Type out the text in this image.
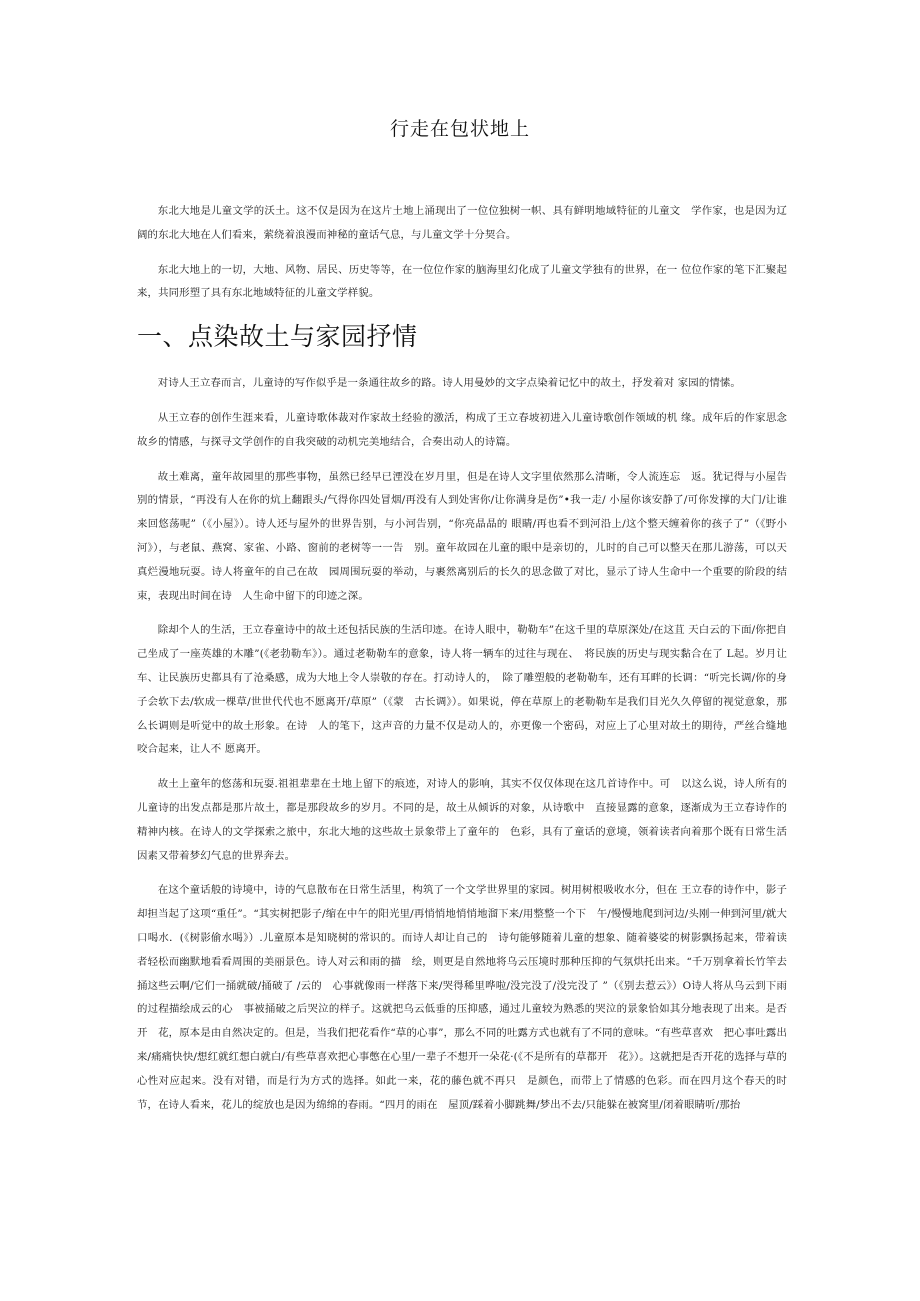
行走在包状地上

东北大地是儿童文学的沃土。这不仅是因为在这片土地上涌现出了一位位独树一帜、具有鲜明地域特征的儿童文　学作家，也是因为辽阔的东北大地在人们看来，萦绕着浪漫而神秘的童话气息，与儿童文学十分契合。

东北大地上的一切，大地、风物、居民、历史等等，在一位位作家的脑海里幻化成了儿童文学独有的世界，在一 位位作家的笔下汇聚起来，共同形塑了具有东北地域特征的儿童文学样貌。

一、点染故土与家园抒情

对诗人王立春而言，儿童诗的写作似乎是一条通往故乡的路。诗人用曼妙的文字点染着记忆中的故土，抒发着对 家园的情愫。

从王立春的创作生涯来看，儿童诗歌体裁对作家故土经验的激活，构成了王立春坡初进入儿童诗歌创作领域的机 缘。成年后的作家思念故乡的情感，与探寻文学创作的自我突破的动机完美地结合，合奏出动人的诗篇。

故土难离，童年故园里的那些事物，虽然已经早已湮没在岁月里，但是在诗人文字里依然那么清晰，令人流连忘　返。犹记得与小屋告别的情景，“再没有人在你的炕上翻跟头/气得你四处冒烟/再没有人到处害你/让你满身是伤”•我一走/ 小屋你该安静了/可你发撑的大门/让谁来回悠荡呢”（《小屋》）。诗人还与屋外的世界告别，与小河告别，“你亮晶晶的 眼睛/再也看不到河沿上/这个整天缠着你的孩子了”（《野小河》），与老鼠、燕窝、家雀、小路、窗前的老树等一一告　别。童年故园在儿童的眼中是亲切的，儿时的自己可以整天在那儿游荡，可以天真烂漫地玩耍。诗人将童年的自己在故　园周围玩耍的举动，与裹然离别后的长久的思念做了对比，显示了诗人生命中一个重要的阶段的结束，表现出时间在诗　人生命中留下的印迹之深。

除却个人的生活，王立春童诗中的故土还包括民族的生活印迹。在诗人眼中，勒勒车”在这千里的草原深处/在这苴 天白云的下面/你把自己坐成了一座英雄的木雕”(《老勃勒车》）。通过老勒勒车的意象，诗人将一辆车的过往与现在、　将民族的历史与现实黏合在了 L起。岁月让车、让民族历史都具有了沧桑感，成为大地上令人崇敬的存在。打动诗人的，　除了雕塑般的老勒勒车，还有耳畔的长调：“听完长调/你的身子会软下去/软成一棵草/世世代代也不愿离开/草原”（《蒙　古长调》）。如果说，停在草原上的老勒勒车是我们目光久久停留的视觉意象，那么长调则是听觉中的故土形象。在诗　人的笔下，这声音的力量不仅是动人的，亦更像一个密码，对应上了心里对故土的期待，严丝合缝地咬合起来，让人不 愿离开。

故土上童年的悠荡和玩耍.祖祖辈辈在土地上留下的痕迹，对诗人的影响，其实不仅仅体现在这几首诗作中。可　以这么说，诗人所有的儿童诗的出发点都是那片故土，都是那段故乡的岁月。不同的是，故土从倾诉的对象，从诗歌中　直接显露的意象，逐渐成为王立春诗作的精神内核。在诗人的文学探索之旅中，东北大地的这些故土景象带上了童年的　色彩，具有了童话的意境，领着读者向着那个既有日常生活因素又带着梦幻气息的世界奔去。

在这个童话般的诗境中，诗的气息散布在日常生活里，构筑了一个文学世界里的家园。树用树根吸收水分，但在 王立春的诗作中，影子却担当起了这项“重任”。“其实树把影子/缩在中午的阳光里/再悄悄地悄悄地溜下来/用整整一个下　午/慢慢地爬到河边/头刚一伸到河里/就大口喝水．(《树影偷水喝》）.儿童原本是知晓树的常识的。而诗人却让自己的　诗句能够随着儿童的想象、随着婆娑的树影飘扬起来，带着读者轻松而幽默地看看周围的美丽景色。诗人对云和雨的描　绘，则更是自然地将乌云压境时那种压抑的气氛烘托出来。“千万别拿着长竹竿去捅这些云啊/它们一捅就破/捅破了 /云的　心事就像雨一样落下来/哭得稀里哗啦/没完没了/没完没了 ”（《别去惹云》）O诗人将从乌云到下雨的过程描绘成云的心　事被捅破之后哭泣的样子。这就把乌云低垂的压抑感，通过儿童较为熟悉的哭泣的景象恰如其分地表现了出来。是否开　花，原本是由自然决定的。但是，当我们把花看作“草的心事”，那么不同的吐露方式也就有了不同的意味。“有些草喜欢　把心事吐露出来/痛痛快快/想红就红想白就白/有些草喜欢把心事憋在心里/一辈子不想开一朵花·(《不是所有的草都开　花》）。这就把是否开花的选择与草的心性对应起来。没有对错，而是行为方式的选择。如此一来，花的藤色就不再只　是颜色，而带上了情感的色彩。而在四月这个春天的时节，在诗人看来，花儿的绽放也是因为绵绵的春雨。“四月的雨在　屋顶/踩着小脚跳舞/梦出不去/只能躲在被窝里/闭着眼睛听/那抬
